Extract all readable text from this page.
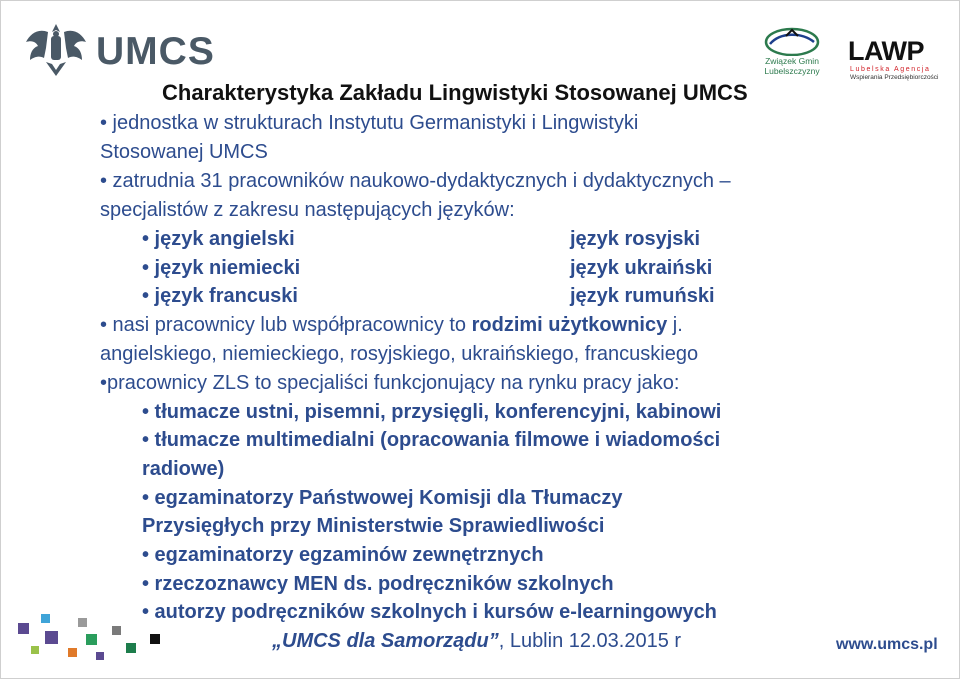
UMCS	Związek Gmin
Lubelszczyzny
LAWP
Lubelska Agencja
Wspierania Przedsiębiorczości
Charakterystyka Zakładu Lingwistyki Stosowanej UMCS
• jednostka w strukturach Instytutu Germanistyki i Lingwistyki
Stosowanej UMCS
• zatrudnia 31 pracowników naukowo-dydaktycznych i dydaktycznych –
specjalistów z zakresu następujących języków:
• język angielski
• język niemiecki
• język francuski
język rosyjski
język ukraiński
język rumuński
• nasi pracownicy lub współpracownicy to rodzimi użytkownicy j.
angielskiego, niemieckiego, rosyjskiego, ukraińskiego, francuskiego
•pracownicy ZLS to specjaliści funkcjonujący na rynku pracy jako:
• tłumacze ustni, pisemni, przysięgli, konferencyjni, kabinowi
• tłumacze multimedialni (opracowania filmowe i wiadomości
radiowe)
• egzaminatorzy Państwowej Komisji dla Tłumaczy
Przysięgłych przy Ministerstwie Sprawiedliwości
• egzaminatorzy egzaminów zewnętrznych
• rzeczoznawcy MEN ds. podręczników szkolnych
• autorzy podręczników szkolnych i kursów e-learningowych
„UMCS dla Samorządu”, Lublin 12.03.2015 r	www.umcs.pl
